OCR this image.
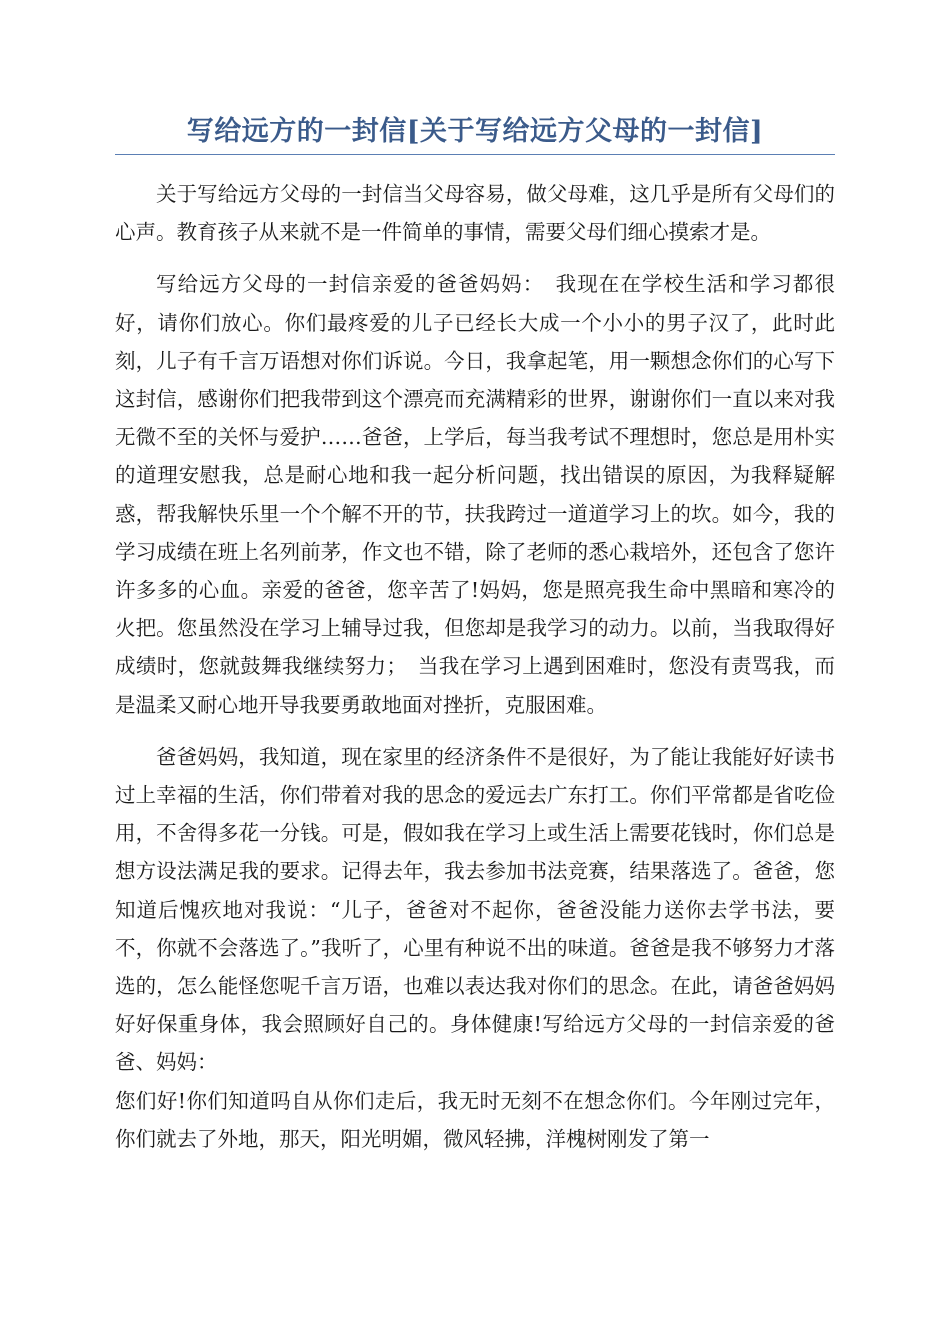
写给远方的一封信[关于写给远方父母的一封信]

关于写给远方父母的一封信当父母容易，做父母难，这几乎是所有父母们的心声。教育孩子从来就不是一件简单的事情，需要父母们细心摸索才是。

写给远方父母的一封信亲爱的爸爸妈妈：　我现在在学校生活和学习都很好，请你们放心。你们最疼爱的儿子已经长大成一个小小的男子汉了，此时此刻，儿子有千言万语想对你们诉说。今日，我拿起笔，用一颗想念你们的心写下这封信，感谢你们把我带到这个漂亮而充满精彩的世界，谢谢你们一直以来对我无微不至的关怀与爱护……爸爸，上学后，每当我考试不理想时，您总是用朴实的道理安慰我，总是耐心地和我一起分析问题，找出错误的原因，为我释疑解惑，帮我解快乐里一个个解不开的节，扶我跨过一道道学习上的坎。如今，我的学习成绩在班上名列前茅，作文也不错，除了老师的悉心栽培外，还包含了您许许多多的心血。亲爱的爸爸，您辛苦了!妈妈，您是照亮我生命中黑暗和寒冷的火把。您虽然没在学习上辅导过我，但您却是我学习的动力。以前，当我取得好成绩时，您就鼓舞我继续努力；　当我在学习上遇到困难时，您没有责骂我，而是温柔又耐心地开导我要勇敢地面对挫折，克服困难。

爸爸妈妈，我知道，现在家里的经济条件不是很好，为了能让我能好好读书过上幸福的生活，你们带着对我的思念的爱远去广东打工。你们平常都是省吃俭用，不舍得多花一分钱。可是，假如我在学习上或生活上需要花钱时，你们总是想方设法满足我的要求。记得去年，我去参加书法竞赛，结果落选了。爸爸，您知道后愧疚地对我说：“儿子，爸爸对不起你，爸爸没能力送你去学书法，要不，你就不会落选了。”我听了，心里有种说不出的味道。爸爸是我不够努力才落选的，怎么能怪您呢千言万语，也难以表达我对你们的思念。在此，请爸爸妈妈好好保重身体，我会照顾好自己的。身体健康!写给远方父母的一封信亲爱的爸爸、妈妈：

您们好!你们知道吗自从你们走后，我无时无刻不在想念你们。今年刚过完年，你们就去了外地，那天，阳光明媚，微风轻拂，洋槐树刚发了第一
